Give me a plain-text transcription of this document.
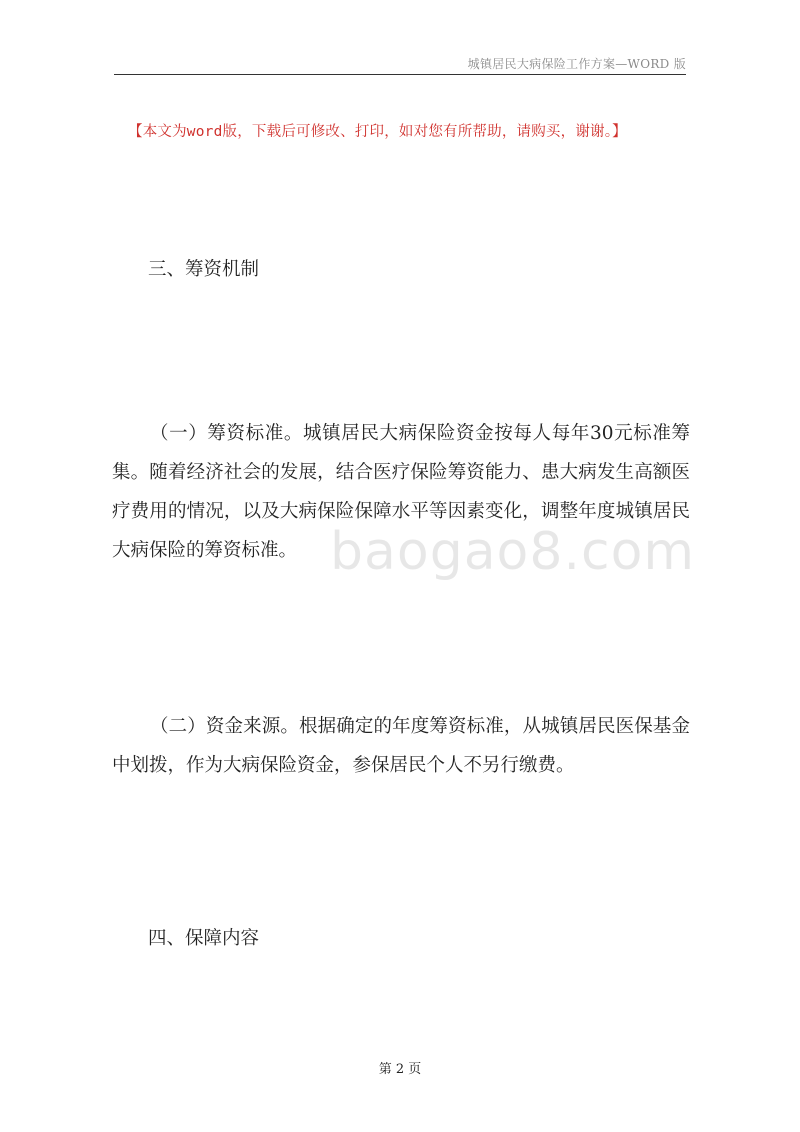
城镇居民大病保险工作方案—WORD 版
【本文为word版，下载后可修改、打印，如对您有所帮助，请购买，谢谢。】
三、筹资机制
（一）筹资标准。城镇居民大病保险资金按每人每年30元标准筹集。随着经济社会的发展，结合医疗保险筹资能力、患大病发生高额医疗费用的情况，以及大病保险保障水平等因素变化，调整年度城镇居民大病保险的筹资标准。 baogao8.com
（二）资金来源。根据确定的年度筹资标准，从城镇居民医保基金中划拨，作为大病保险资金，参保居民个人不另行缴费。
四、保障内容
第 2 页
